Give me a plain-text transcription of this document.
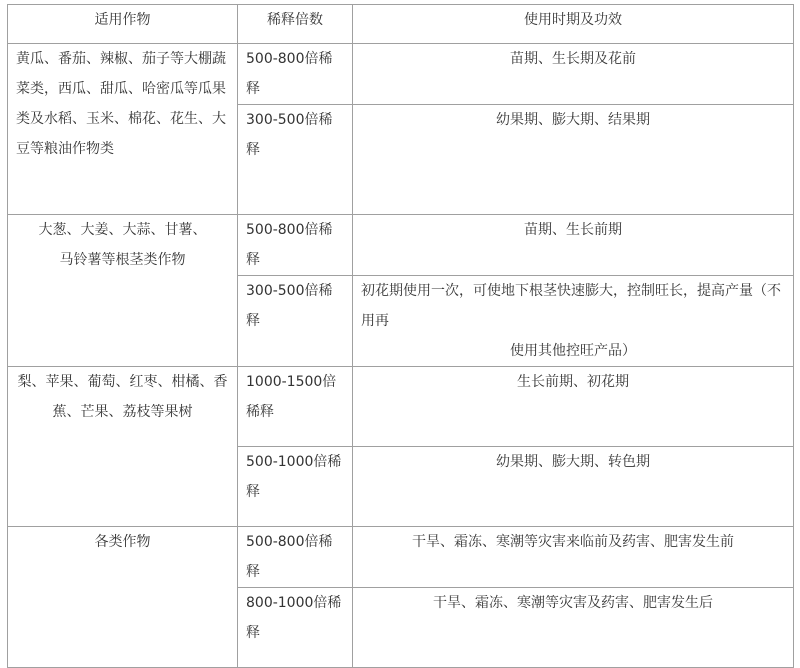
适用作物	稀释倍数	使用时期及功效
黄瓜、番茄、辣椒、茄子等大棚蔬菜类，西瓜、甜瓜、哈密瓜等瓜果类及水稻、玉米、棉花、花生、大豆等粮油作物类	500-800倍稀释	苗期、生长期及花前
	300-500倍稀释	幼果期、膨大期、结果期
大葱、大姜、大蒜、甘薯、
马铃薯等根茎类作物	500-800倍稀释	苗期、生长前期
	300-500倍稀释	初花期使用一次，可使地下根茎快速膨大，控制旺长，提高产量（不用再
使用其他控旺产品）

梨、苹果、葡萄、红枣、柑橘、香蕉、芒果、荔枝等果树	1000-1500倍稀释	生长前期、初花期
	500-1000倍稀释	幼果期、膨大期、转色期
各类作物	500-800倍稀释	干旱、霜冻、寒潮等灾害来临前及药害、肥害发生前
	800-1000倍稀释	干旱、霜冻、寒潮等灾害及药害、肥害发生后
